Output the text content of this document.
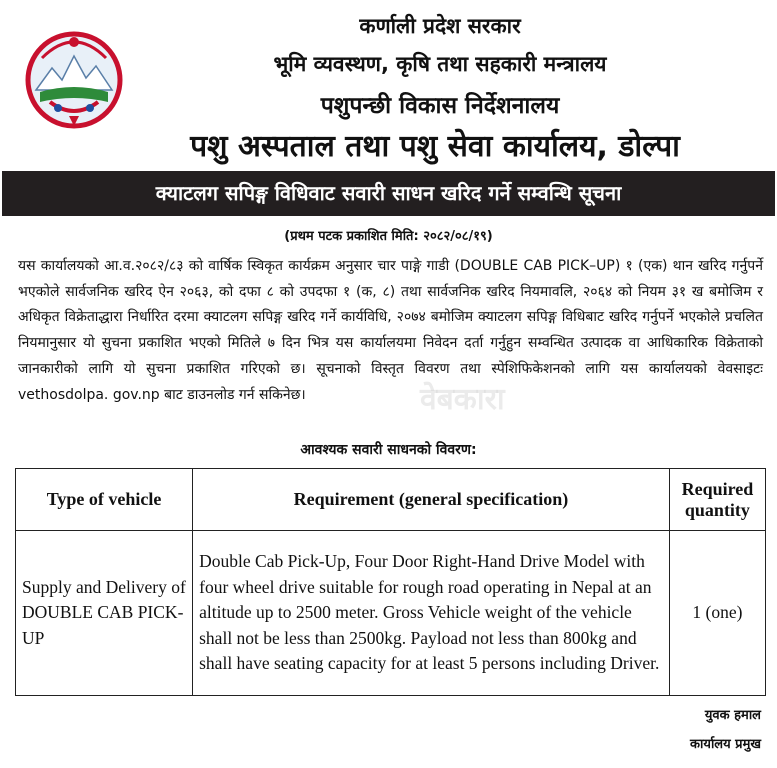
कर्णाली प्रदेश सरकार
भूमि व्यवस्थण, कृषि तथा सहकारी मन्त्रालय
पशुपन्छी विकास निर्देशनालय
पशु अस्पताल तथा पशु सेवा कार्यालय, डोल्पा
क्याटलग सपिङ्ग विधिवाट सवारी साधन खरिद गर्ने सम्वन्धि सूचना
(प्रथम पटक प्रकाशित मिति: २०८२/०८/१९)
यस कार्यालयको आ.व.२०८२/८३ को वार्षिक स्विकृत कार्यक्रम अनुसार चार पाङ्गे गाडी (DOUBLE CAB PICK–UP) १ (एक) थान खरिद गर्नुपर्ने भएकोले सार्वजनिक खरिद ऐन २०६३, को दफा ८ को उपदफा १ (क, ८) तथा सार्वजनिक खरिद नियमावलि, २०६४ को नियम ३१ ख बमोजिम र अधिकृत विक्रेताद्धारा निर्धारित दरमा क्याटलग सपिङ्ग खरिद गर्ने कार्यविधि, २०७४ बमोजिम क्याटलग सपिङ्ग विधिबाट खरिद गर्नुपर्ने भएकोले प्रचलित नियमानुसार यो सुचना प्रकाशित भएको मितिले ७ दिन भित्र यस कार्यालयमा निवेदन दर्ता गर्नुहुन सम्वन्धित उत्पादक वा आधिकारिक विक्रेताको जानकारीको लागि यो सुचना प्रकाशित गरिएको छ। सूचनाको विस्तृत विवरण तथा स्पेशिफिकेशनको लागि यस कार्यालयको वेवसाइटः vethosdolpa. gov.np बाट डाउनलोड गर्न सकिनेछ।	वेबकारा
आवश्यक सवारी साधनको विवरण:
Type of vehicle	Requirement (general specification)	Required quantity
Supply and Delivery of DOUBLE CAB PICK-UP	Double Cab Pick-Up, Four Door Right-Hand Drive Model with four wheel drive suitable for rough road operating in Nepal at an altitude up to 2500 meter. Gross Vehicle weight of the vehicle shall not be less than 2500kg. Payload not less than 800kg and shall have seating capacity for at least 5 persons including Driver.	1 (one)
युवक हमाल
कार्यालय प्रमुख
